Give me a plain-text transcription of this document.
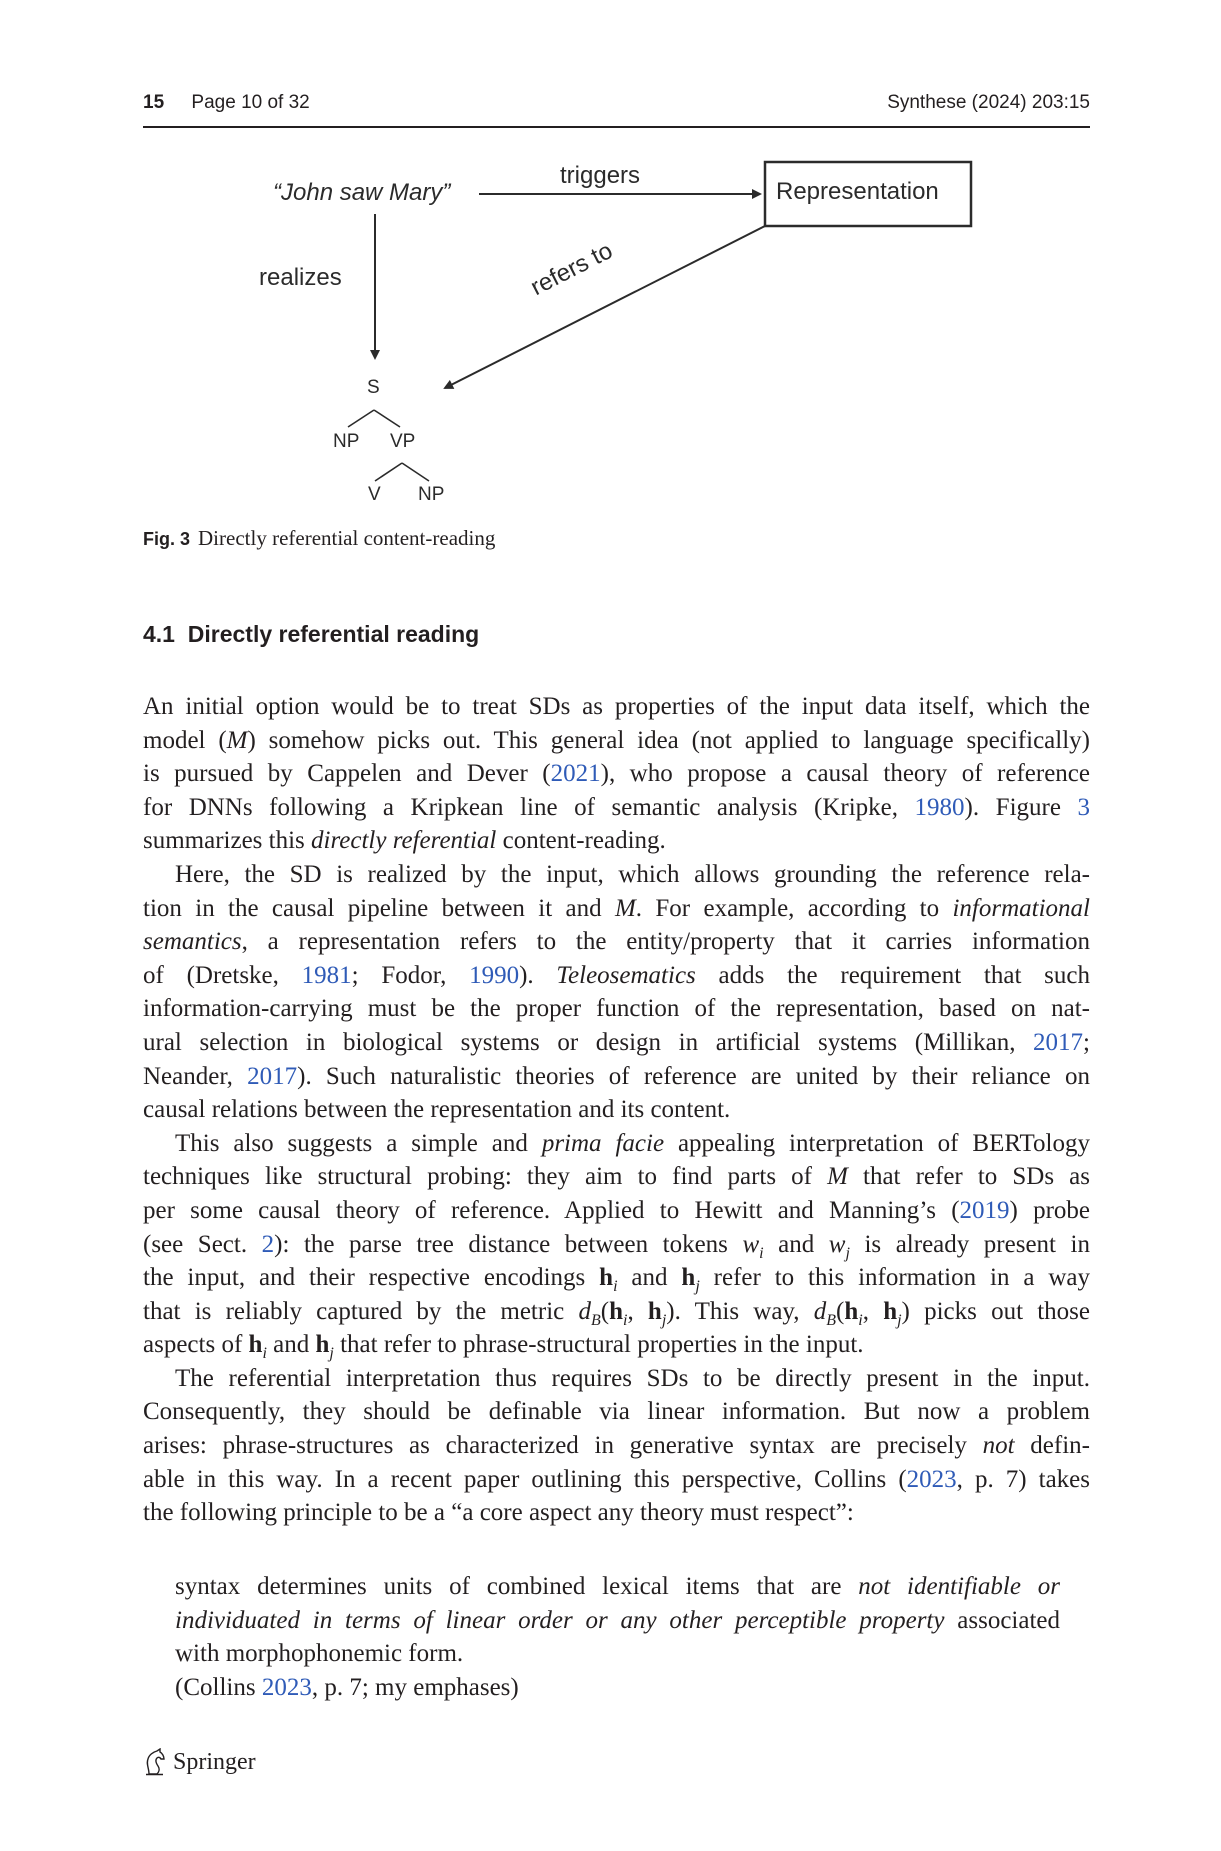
15 Page 10 of 32	Synthese (2024) 203:15
“John saw Mary”
triggers
Representation
realizes	refers to
S
NP VP
V NP
Fig. 3 Directly referential content-reading
4.1 Directly referential reading
An initial option would be to treat SDs as properties of the input data itself, which the
model (M) somehow picks out. This general idea (not applied to language specifically)
is pursued by Cappelen and Dever (2021), who propose a causal theory of reference
for DNNs following a Kripkean line of semantic analysis (Kripke, 1980). Figure 3
summarizes this directly referential content-reading.
Here, the SD is realized by the input, which allows grounding the reference rela-
tion in the causal pipeline between it and M. For example, according to informational
semantics, a representation refers to the entity/property that it carries information
of (Dretske, 1981; Fodor, 1990). Teleosematics adds the requirement that such
information-carrying must be the proper function of the representation, based on nat-
ural selection in biological systems or design in artificial systems (Millikan, 2017;
Neander, 2017). Such naturalistic theories of reference are united by their reliance on
causal relations between the representation and its content.
This also suggests a simple and prima facie appealing interpretation of BERTology
techniques like structural probing: they aim to find parts of M that refer to SDs as
per some causal theory of reference. Applied to Hewitt and Manning’s (2019) probe
(see Sect. 2): the parse tree distance between tokens $w_i$ and $w_j$ is already present in
the input, and their respective encodings $h_i$ and $h_j$ refer to this information in a way
that is reliably captured by the metric $d_B(h_i$, $h_j$). This way, $d_B(h_i$, $h_j$) picks out those
aspects of $h_i$ and $h_j$ that refer to phrase-structural properties in the input.
The referential interpretation thus requires SDs to be directly present in the input.
Consequently, they should be definable via linear information. But now a problem
arises: phrase-structures as characterized in generative syntax are precisely not defin-
able in this way. In a recent paper outlining this perspective, Collins (2023, p. 7) takes
the following principle to be a “a core aspect any theory must respect”:
syntax determines units of combined lexical items that are not identifiable or
individuated in terms of linear order or any other perceptible property associated
with morphophonemic form.
(Collins 2023, p. 7; my emphases)
Springer
